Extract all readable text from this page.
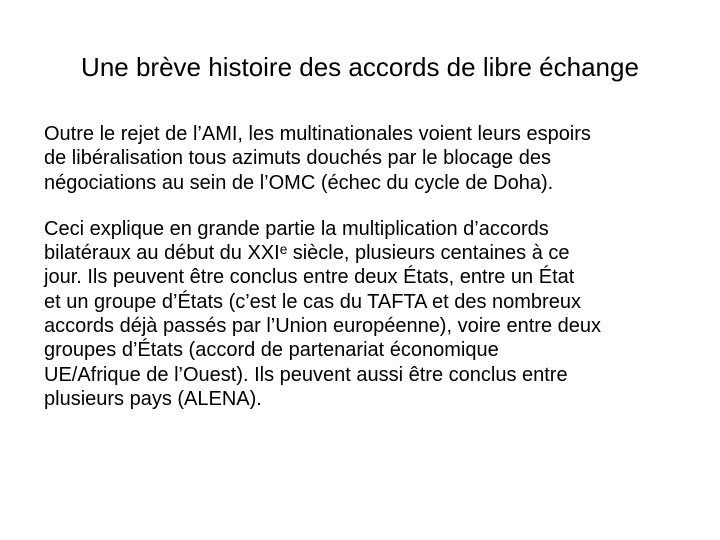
Une brève histoire des accords de libre échange

Outre le rejet de l’AMI, les multinationales voient leurs espoirs
de libéralisation tous azimuts douchés par le blocage des
négociations au sein de l’OMC (échec du cycle de Doha).

Ceci explique en grande partie la multiplication d’accords
bilatéraux au début du XXIᵉ siècle, plusieurs centaines à ce
jour. Ils peuvent être conclus entre deux États, entre un État
et un groupe d’États (c’est le cas du TAFTA et des nombreux
accords déjà passés par l’Union européenne), voire entre deux
groupes d’États (accord de partenariat économique
UE/Afrique de l’Ouest). Ils peuvent aussi être conclus entre
plusieurs pays (ALENA).
